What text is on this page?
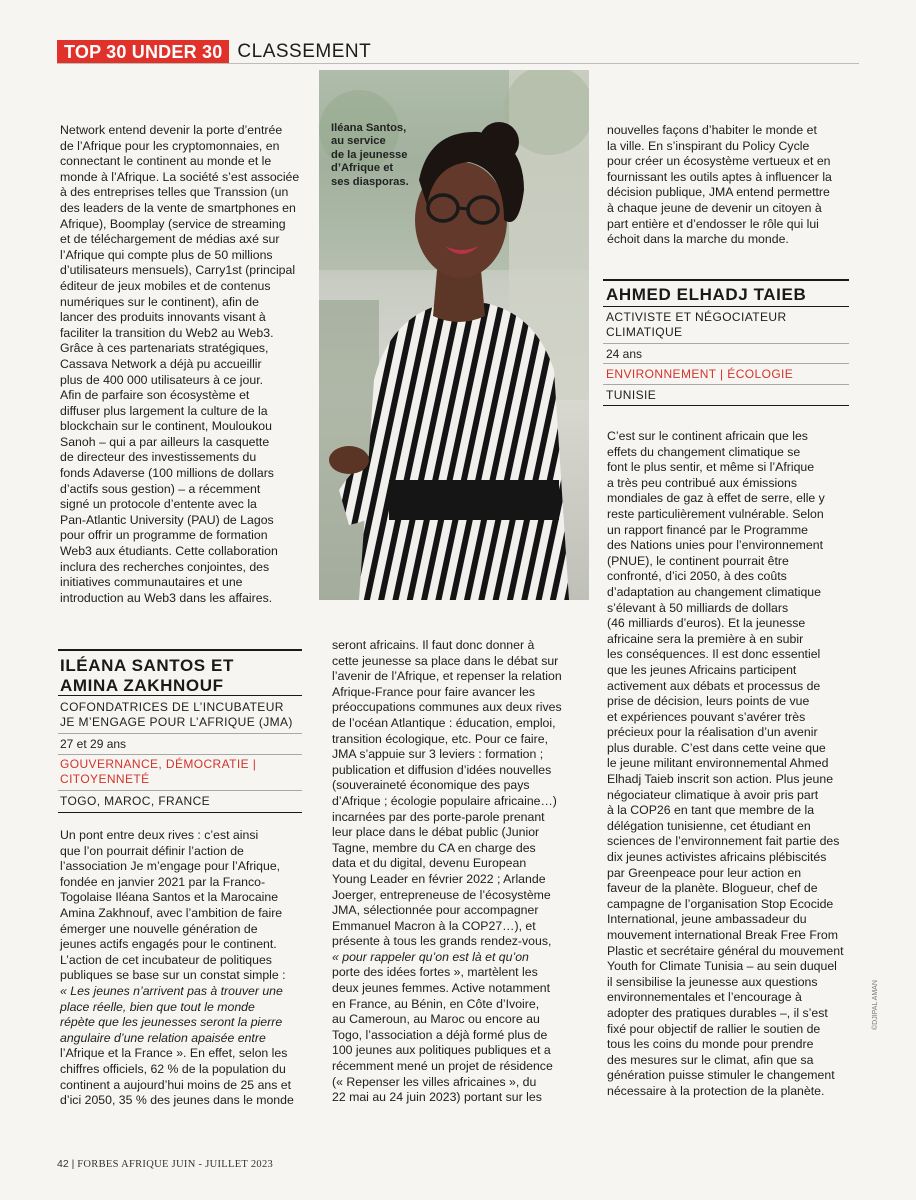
TOP 30 UNDER 30 CLASSEMENT
Network entend devenir la porte d’entrée
de l’Afrique pour les cryptomonnaies, en
connectant le continent au monde et le
monde à l’Afrique. La société s’est associée
à des entreprises telles que Transsion (un
des leaders de la vente de smartphones en
Afrique), Boomplay (service de streaming
et de téléchargement de médias axé sur
l’Afrique qui compte plus de 50 millions
d’utilisateurs mensuels), Carry1st (principal
éditeur de jeux mobiles et de contenus
numériques sur le continent), afin de
lancer des produits innovants visant à
faciliter la transition du Web2 au Web3.
Grâce à ces partenariats stratégiques,
Cassava Network a déjà pu accueillir
plus de 400 000 utilisateurs à ce jour.
Afin de parfaire son écosystème et
diffuser plus largement la culture de la
blockchain sur le continent, Mouloukou
Sanoh – qui a par ailleurs la casquette
de directeur des investissements du
fonds Adaverse (100 millions de dollars
d’actifs sous gestion) – a récemment
signé un protocole d’entente avec la
Pan-Atlantic University (PAU) de Lagos
pour offrir un programme de formation
Web3 aux étudiants. Cette collaboration
inclura des recherches conjointes, des
initiatives communautaires et une
introduction au Web3 dans les affaires.
ILÉANA SANTOS ET
AMINA ZAKHNOUF
COFONDATRICES DE L’INCUBATEUR
JE M’ENGAGE POUR L’AFRIQUE (JMA)
27 et 29 ans
GOUVERNANCE, DÉMOCRATIE |
CITOYENNETÉ
TOGO, MAROC, FRANCE
Un pont entre deux rives : c’est ainsi
que l’on pourrait définir l’action de
l’association Je m’engage pour l’Afrique,
fondée en janvier 2021 par la Franco-
Togolaise Iléana Santos et la Marocaine
Amina Zakhnouf, avec l’ambition de faire
émerger une nouvelle génération de
jeunes actifs engagés pour le continent.
L’action de cet incubateur de politiques
publiques se base sur un constat simple :
« Les jeunes n’arrivent pas à trouver une
place réelle, bien que tout le monde
répète que les jeunesses seront la pierre
angulaire d’une relation apaisée entre
l’Afrique et la France ». En effet, selon les
chiffres officiels, 62 % de la population du
continent a aujourd’hui moins de 25 ans et
d’ici 2050, 35 % des jeunes dans le monde
Iléana Santos,
au service
de la jeunesse
d’Afrique et
ses diasporas.
seront africains. Il faut donc donner à
cette jeunesse sa place dans le débat sur
l’avenir de l’Afrique, et repenser la relation
Afrique-France pour faire avancer les
préoccupations communes aux deux rives
de l’océan Atlantique : éducation, emploi,
transition écologique, etc. Pour ce faire,
JMA s’appuie sur 3 leviers : formation ;
publication et diffusion d’idées nouvelles
(souveraineté économique des pays
d’Afrique ; écologie populaire africaine…)
incarnées par des porte-parole prenant
leur place dans le débat public (Junior
Tagne, membre du CA en charge des
data et du digital, devenu European
Young Leader en février 2022 ; Arlande
Joerger, entrepreneuse de l’écosystème
JMA, sélectionnée pour accompagner
Emmanuel Macron à la COP27…), et
présente à tous les grands rendez-vous,
« pour rappeler qu’on est là et qu’on
porte des idées fortes », martèlent les
deux jeunes femmes. Active notamment
en France, au Bénin, en Côte d’Ivoire,
au Cameroun, au Maroc ou encore au
Togo, l’association a déjà formé plus de
100 jeunes aux politiques publiques et a
récemment mené un projet de résidence
(« Repenser les villes africaines », du
22 mai au 24 juin 2023) portant sur les
nouvelles façons d’habiter le monde et
la ville. En s’inspirant du Policy Cycle
pour créer un écosystème vertueux et en
fournissant les outils aptes à influencer la
décision publique, JMA entend permettre
à chaque jeune de devenir un citoyen à
part entière et d’endosser le rôle qui lui
échoit dans la marche du monde.
AHMED ELHADJ TAIEB
ACTIVISTE ET NÉGOCIATEUR
CLIMATIQUE
24 ans
ENVIRONNEMENT | ÉCOLOGIE
TUNISIE
C’est sur le continent africain que les
effets du changement climatique se
font le plus sentir, et même si l’Afrique
a très peu contribué aux émissions
mondiales de gaz à effet de serre, elle y
reste particulièrement vulnérable. Selon
un rapport financé par le Programme
des Nations unies pour l’environnement
(PNUE), le continent pourrait être
confronté, d’ici 2050, à des coûts
d’adaptation au changement climatique
s’élevant à 50 milliards de dollars
(46 milliards d’euros). Et la jeunesse
africaine sera la première à en subir
les conséquences. Il est donc essentiel
que les jeunes Africains participent
activement aux débats et processus de
prise de décision, leurs points de vue
et expériences pouvant s’avérer très
précieux pour la réalisation d’un avenir
plus durable. C’est dans cette veine que
le jeune militant environnemental Ahmed
Elhadj Taieb inscrit son action. Plus jeune
négociateur climatique à avoir pris part
à la COP26 en tant que membre de la
délégation tunisienne, cet étudiant en
sciences de l’environnement fait partie des
dix jeunes activistes africains plébiscités
par Greenpeace pour leur action en
faveur de la planète. Blogueur, chef de
campagne de l’organisation Stop Ecocide
International, jeune ambassadeur du
mouvement international Break Free From
Plastic et secrétaire général du mouvement
Youth for Climate Tunisia – au sein duquel
il sensibilise la jeunesse aux questions
environnementales et l’encourage à
adopter des pratiques durables –, il s’est
fixé pour objectif de rallier le soutien de
tous les coins du monde pour prendre
des mesures sur le climat, afin que sa
génération puisse stimuler le changement
nécessaire à la protection de la planète.
©DJIPAL AMAN
42 | FORBES AFRIQUE JUIN - JUILLET 2023
